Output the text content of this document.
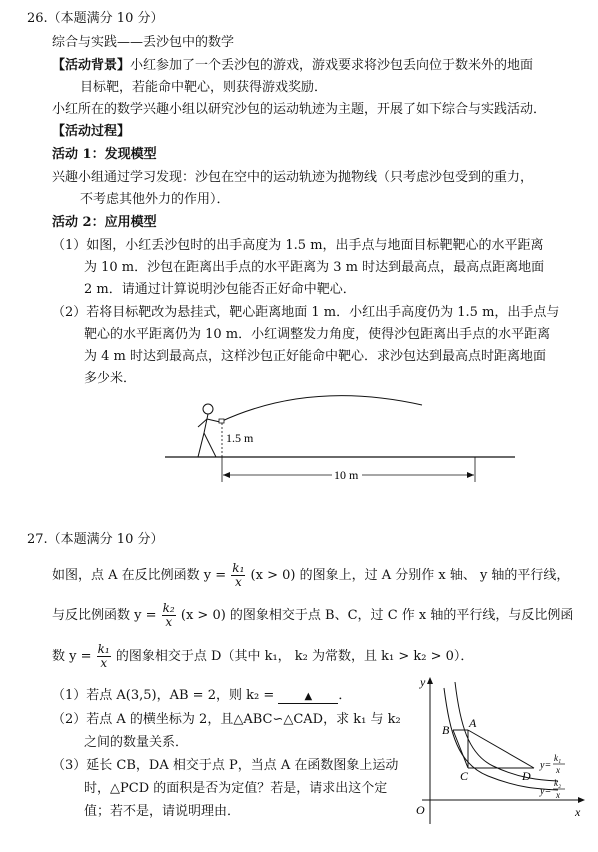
26.（本题满分 10 分）
综合与实践——丢沙包中的数学
【活动背景】小红参加了一个丢沙包的游戏，游戏要求将沙包丢向位于数米外的地面
目标靶，若能命中靶心，则获得游戏奖励．
小红所在的数学兴趣小组以研究沙包的运动轨迹为主题，开展了如下综合与实践活动．
【活动过程】
活动 1：发现模型
兴趣小组通过学习发现：沙包在空中的运动轨迹为抛物线（只考虑沙包受到的重力，
不考虑其他外力的作用）．
活动 2：应用模型
（1）如图，小红丢沙包时的出手高度为 1.5 m，出手点与地面目标靶靶心的水平距离
为 10 m．沙包在距离出手点的水平距离为 3 m 时达到最高点，最高点距离地面
2 m．请通过计算说明沙包能否正好命中靶心．
（2）若将目标靶改为悬挂式，靶心距离地面 1 m．小红出手高度仍为 1.5 m，出手点与
靶心的水平距离仍为 10 m．小红调整发力角度，使得沙包距离出手点的水平距离
为 4 m 时达到最高点，这样沙包正好能命中靶心．求沙包达到最高点时距离地面
多少米．
1.5 m
10 m
27.（本题满分 10 分）
如图，点 A 在反比例函数 $y = \frac{\text{k₁}}{x} (x > 0)$ 的图象上，过 A 分别作 x 轴、 y 轴的平行线，
与反比例函数 $y = \frac{\text{k₂}}{x} (x > 0)$ 的图象相交于点 B、C，过 C 作 x 轴的平行线，与反比例函
数 $y = \frac{\text{k₁}}{x}$ 的图象相交于点 D（其中 k₁， k₂ 为常数，且 k₁ > k₂ > 0）．
（1）若点 A(3,5)，AB = 2，则 k₂ =	▲ ．
（2）若点 A 的横坐标为 2，且△ABC∽△CAD，求 k₁ 与 k₂
之间的数量关系．
（3）延长 CB，DA 相交于点 P，当点 A 在函数图象上运动
时，△PCD 的面积是否为定值？若是，请求出这个定
值；若不是，请说明理由．
y
x
O
A
B
C	D
y=
k₁
x
y=
k₂
x
